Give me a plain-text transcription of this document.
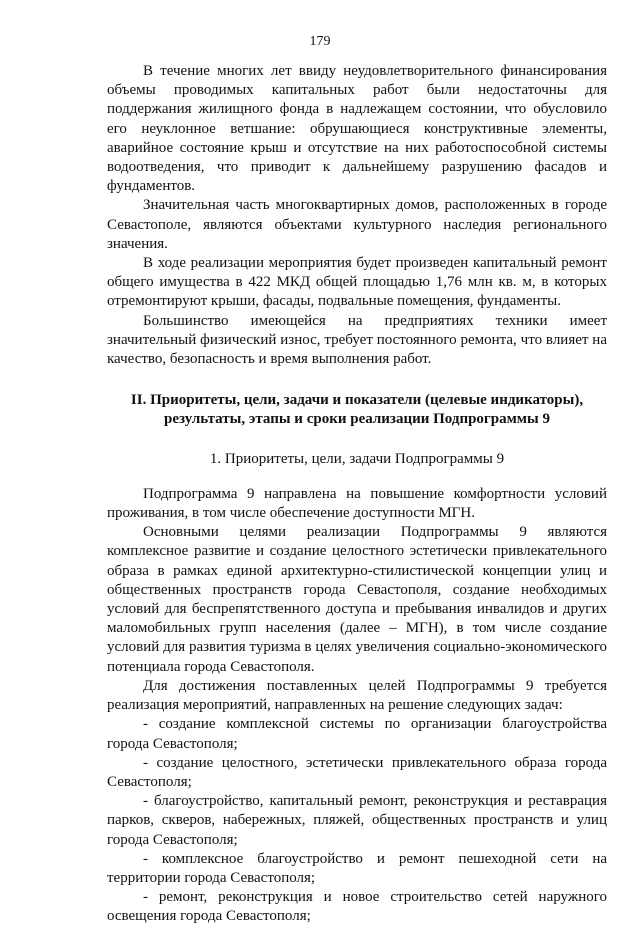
179

В течение многих лет ввиду неудовлетворительного финансирования объемы проводимых капитальных работ были недостаточны для поддержания жилищного фонда в надлежащем состоянии, что обусловило его неуклонное ветшание: обрушающиеся конструктивные элементы, аварийное состояние крыш и отсутствие на них работоспособной системы водоотведения, что приводит к дальнейшему разрушению фасадов и фундаментов.

Значительная часть многоквартирных домов, расположенных в городе Севастополе, являются объектами культурного наследия регионального значения.

В ходе реализации мероприятия будет произведен капитальный ремонт общего имущества в 422 МКД общей площадью 1,76 млн кв. м, в которых отремонтируют крыши, фасады, подвальные помещения, фундаменты.

Большинство имеющейся на предприятиях техники имеет значительный физический износ, требует постоянного ремонта, что влияет на качество, безопасность и время выполнения работ.

II. Приоритеты, цели, задачи и показатели (целевые индикаторы), результаты, этапы и сроки реализации Подпрограммы 9

1. Приоритеты, цели, задачи Подпрограммы 9

Подпрограмма 9 направлена на повышение комфортности условий проживания, в том числе обеспечение доступности МГН.

Основными целями реализации Подпрограммы 9 являются комплексное развитие и создание целостного эстетически привлекательного образа в рамках единой архитектурно-стилистической концепции улиц и общественных пространств города Севастополя, создание необходимых условий для беспрепятственного доступа и пребывания инвалидов и других маломобильных групп населения (далее – МГН), в том числе создание условий для развития туризма в целях увеличения социально-экономического потенциала города Севастополя.

Для достижения поставленных целей Подпрограммы 9 требуется реализация мероприятий, направленных на решение следующих задач:

- создание комплексной системы по организации благоустройства города Севастополя;

- создание целостного, эстетически привлекательного образа города Севастополя;

- благоустройство, капитальный ремонт, реконструкция и реставрация парков, скверов, набережных, пляжей, общественных пространств и улиц города Севастополя;

- комплексное благоустройство и ремонт пешеходной сети на территории города Севастополя;

- ремонт, реконструкция и новое строительство сетей наружного освещения города Севастополя;
